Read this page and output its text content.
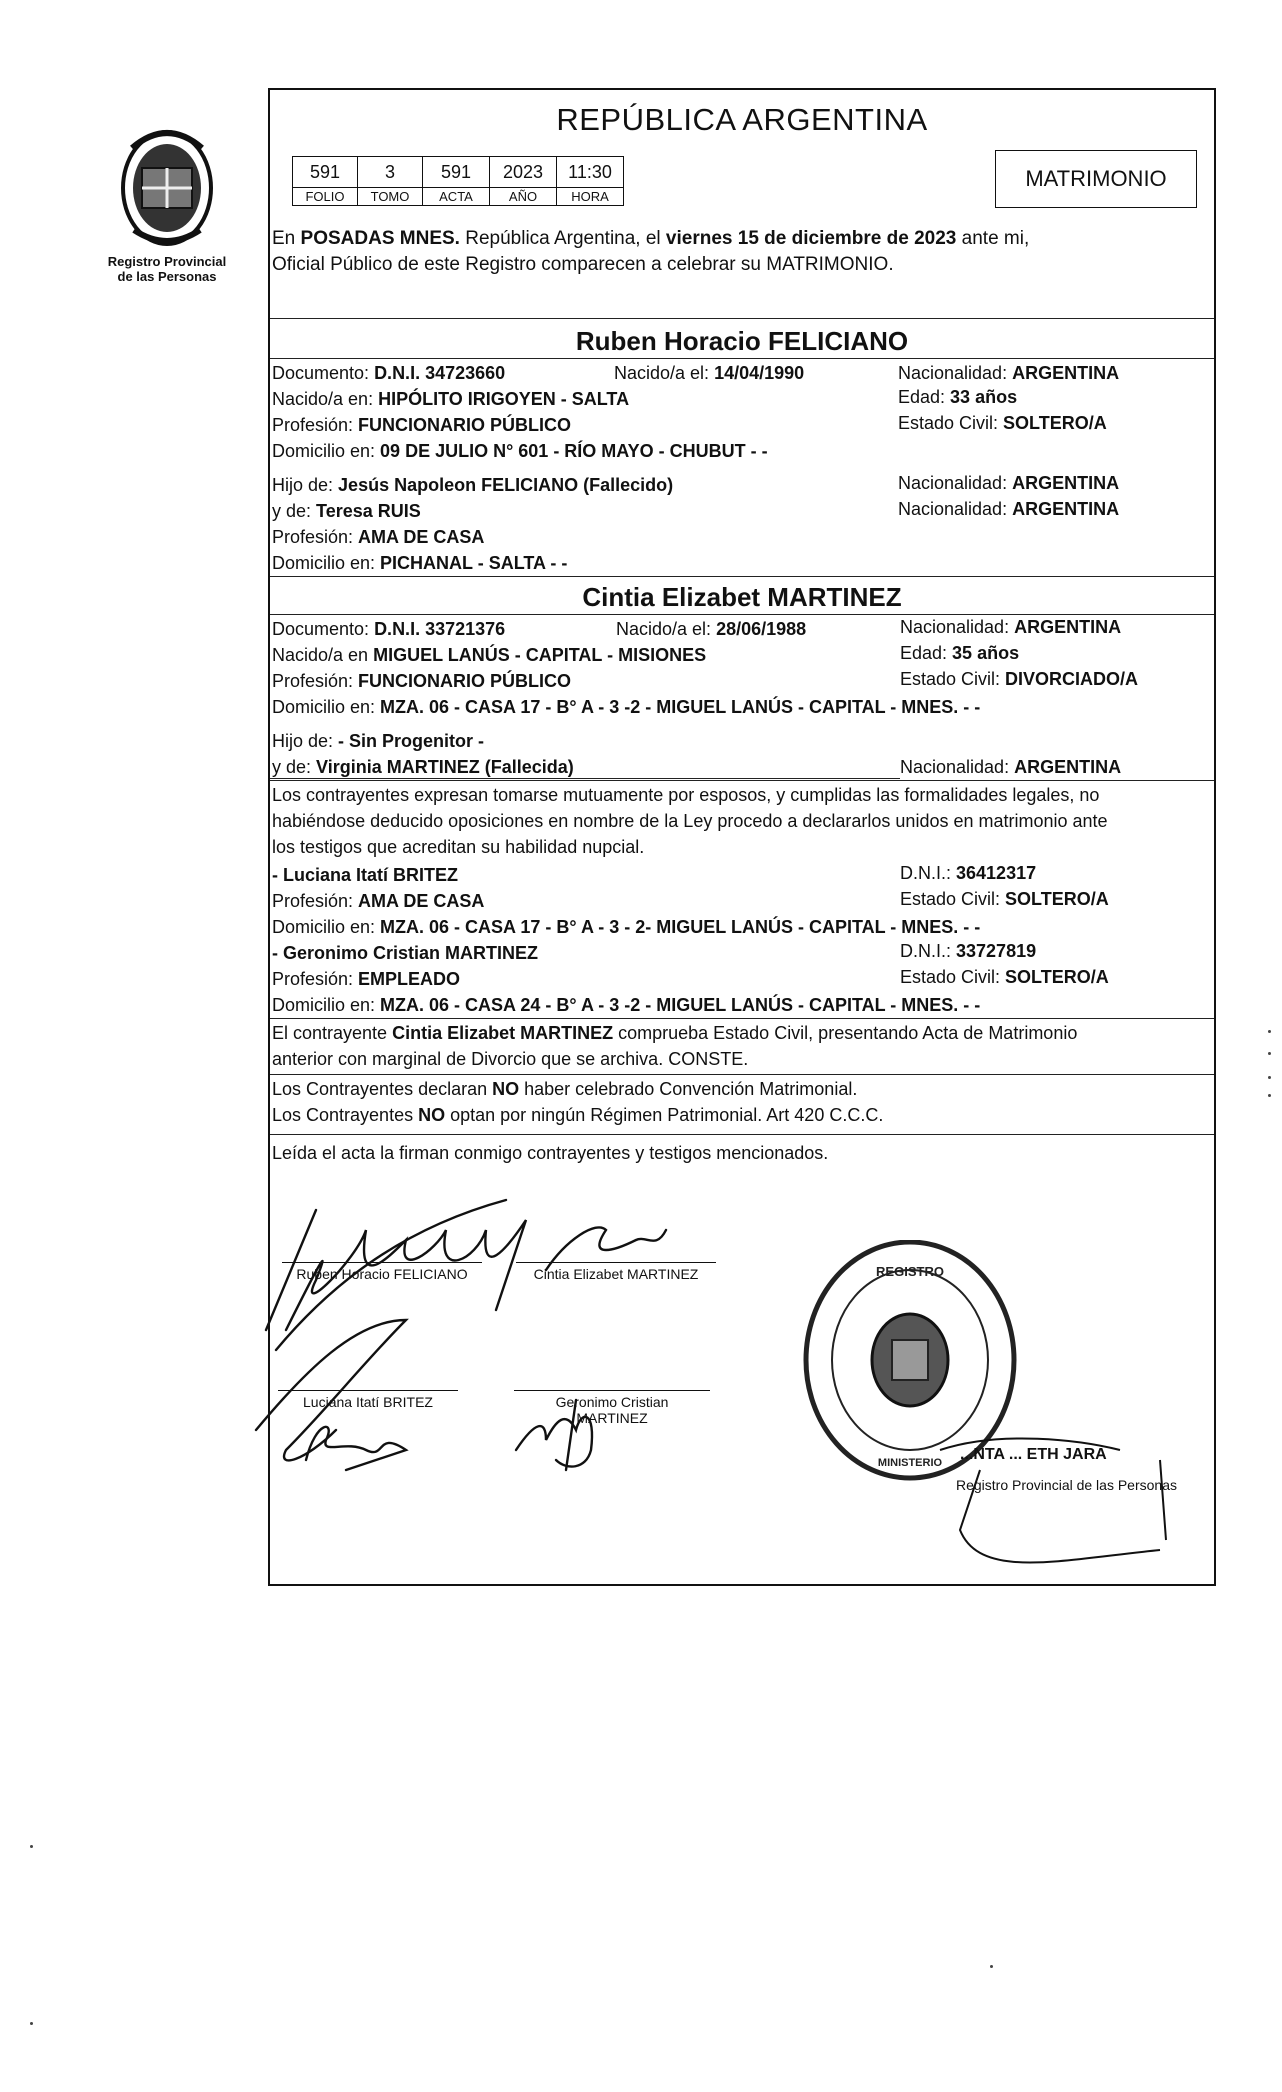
Registro Provincial
de las Personas
REPÚBLICA ARGENTINA
591	3	591	2023	11:30
FOLIO	TOMO	ACTA	AÑO	HORA
MATRIMONIO
En POSADAS MNES. República Argentina, el viernes 15 de diciembre de 2023 ante mi,
Oficial Público de este Registro comparecen a celebrar su MATRIMONIO.
Ruben Horacio FELICIANO
Documento: D.N.I. 34723660	Nacido/a el: 14/04/1990	Nacionalidad: ARGENTINA
Nacido/a en: HIPÓLITO IRIGOYEN - SALTA	Edad: 33 años
Profesión: FUNCIONARIO PÚBLICO	Estado Civil: SOLTERO/A
Domicilio en: 09 DE JULIO N° 601 - RÍO MAYO - CHUBUT - -
Hijo de: Jesús Napoleon FELICIANO (Fallecido)	Nacionalidad: ARGENTINA
y de: Teresa RUIS	Nacionalidad: ARGENTINA
Profesión: AMA DE CASA
Domicilio en: PICHANAL - SALTA - -
Cintia Elizabet MARTINEZ
Documento: D.N.I. 33721376	Nacido/a el: 28/06/1988	Nacionalidad: ARGENTINA
Nacido/a en MIGUEL LANÚS - CAPITAL - MISIONES	Edad: 35 años
Profesión: FUNCIONARIO PÚBLICO	Estado Civil: DIVORCIADO/A
Domicilio en: MZA. 06 - CASA 17 - B° A - 3 -2 - MIGUEL LANÚS - CAPITAL - MNES. - -
Hijo de: - Sin Progenitor -
y de: Virginia MARTINEZ (Fallecida)	Nacionalidad: ARGENTINA
Los contrayentes expresan tomarse mutuamente por esposos, y cumplidas las formalidades legales, no
habiéndose deducido oposiciones en nombre de la Ley procedo a declararlos unidos en matrimonio ante
los testigos que acreditan su habilidad nupcial.
- Luciana Itatí BRITEZ	D.N.I.: 36412317
Profesión: AMA DE CASA	Estado Civil: SOLTERO/A
Domicilio en: MZA. 06 - CASA 17 - B° A - 3 - 2- MIGUEL LANÚS - CAPITAL - MNES. - -
- Geronimo Cristian MARTINEZ	D.N.I.: 33727819
Profesión: EMPLEADO	Estado Civil: SOLTERO/A
Domicilio en: MZA. 06 - CASA 24 - B° A - 3 -2 - MIGUEL LANÚS - CAPITAL - MNES. - -
El contrayente Cintia Elizabet MARTINEZ comprueba Estado Civil, presentando Acta de Matrimonio
anterior con marginal de Divorcio que se archiva. CONSTE.
Los Contrayentes declaran NO haber celebrado Convención Matrimonial.
Los Contrayentes NO optan por ningún Régimen Patrimonial. Art 420 C.C.C.
Leída el acta la firman conmigo contrayentes y testigos mencionados.
Ruben Horacio FELICIANO	Cintia Elizabet MARTINEZ
Luciana Itatí BRITEZ	Geronimo Cristian
MARTINEZ
REGISTRO
MINISTERIO ...NTA ... ETH JARA
Registro Provincial de las Personas
